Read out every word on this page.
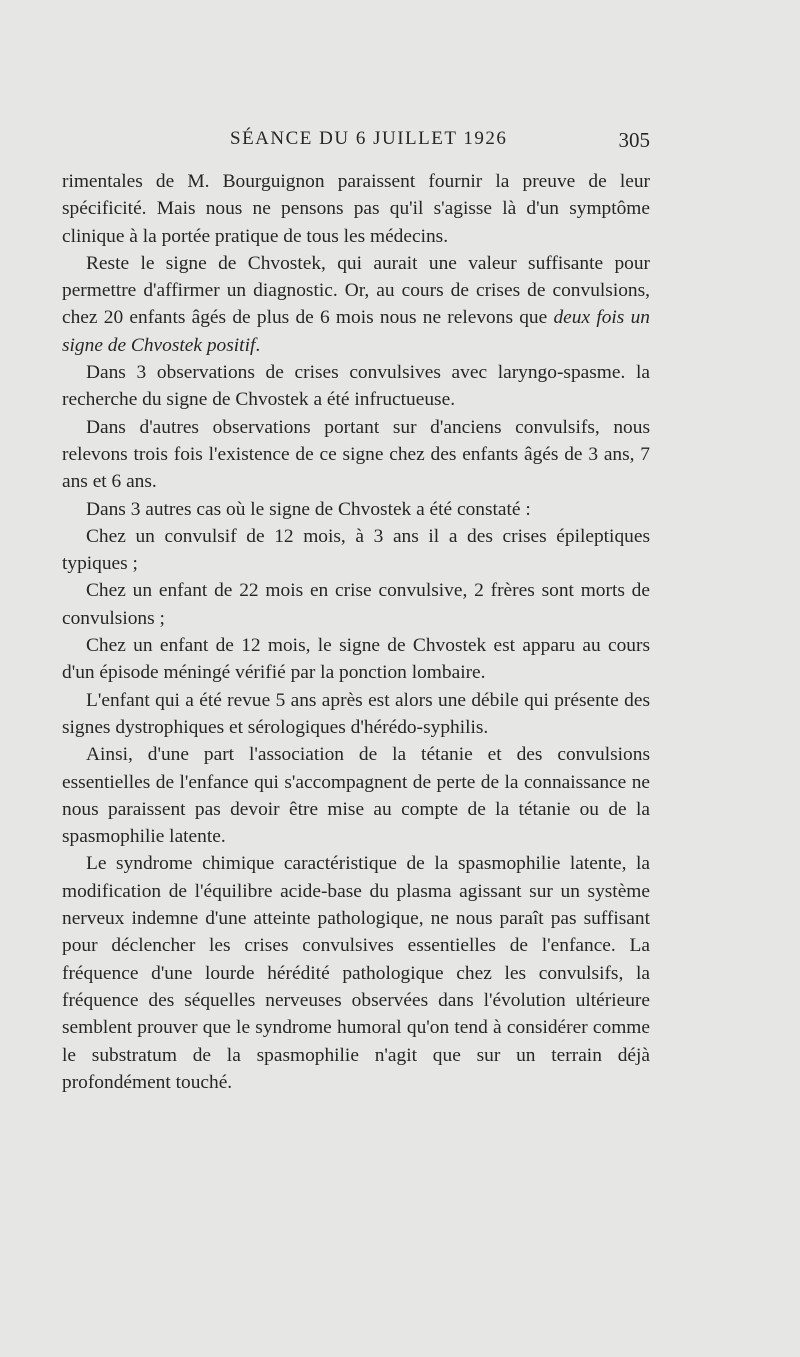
SÉANCE DU 6 JUILLET 1926	305

rimentales de M. Bourguignon paraissent fournir la preuve de leur spécificité. Mais nous ne pensons pas qu'il s'agisse là d'un symptôme clinique à la portée pratique de tous les médecins.

Reste le signe de Chvostek, qui aurait une valeur suffisante pour permettre d'affirmer un diagnostic. Or, au cours de crises de convulsions, chez 20 enfants âgés de plus de 6 mois nous ne relevons que deux fois un signe de Chvostek positif.

Dans 3 observations de crises convulsives avec laryngo-spasme. la recherche du signe de Chvostek a été infructueuse.

Dans d'autres observations portant sur d'anciens convulsifs, nous relevons trois fois l'existence de ce signe chez des enfants âgés de 3 ans, 7 ans et 6 ans.

Dans 3 autres cas où le signe de Chvostek a été constaté :

Chez un convulsif de 12 mois, à 3 ans il a des crises épileptiques typiques ;

Chez un enfant de 22 mois en crise convulsive, 2 frères sont morts de convulsions ;

Chez un enfant de 12 mois, le signe de Chvostek est apparu au cours d'un épisode méningé vérifié par la ponction lombaire.

L'enfant qui a été revue 5 ans après est alors une débile qui présente des signes dystrophiques et sérologiques d'hérédo-syphilis.

Ainsi, d'une part l'association de la tétanie et des convulsions essentielles de l'enfance qui s'accompagnent de perte de la connaissance ne nous paraissent pas devoir être mise au compte de la tétanie ou de la spasmophilie latente.

Le syndrome chimique caractéristique de la spasmophilie latente, la modification de l'équilibre acide-base du plasma agissant sur un système nerveux indemne d'une atteinte pathologique, ne nous paraît pas suffisant pour déclencher les crises convulsives essentielles de l'enfance. La fréquence d'une lourde hérédité pathologique chez les convulsifs, la fréquence des séquelles nerveuses observées dans l'évolution ultérieure semblent prouver que le syndrome humoral qu'on tend à considérer comme le substratum de la spasmophilie n'agit que sur un terrain déjà profondément touché.
